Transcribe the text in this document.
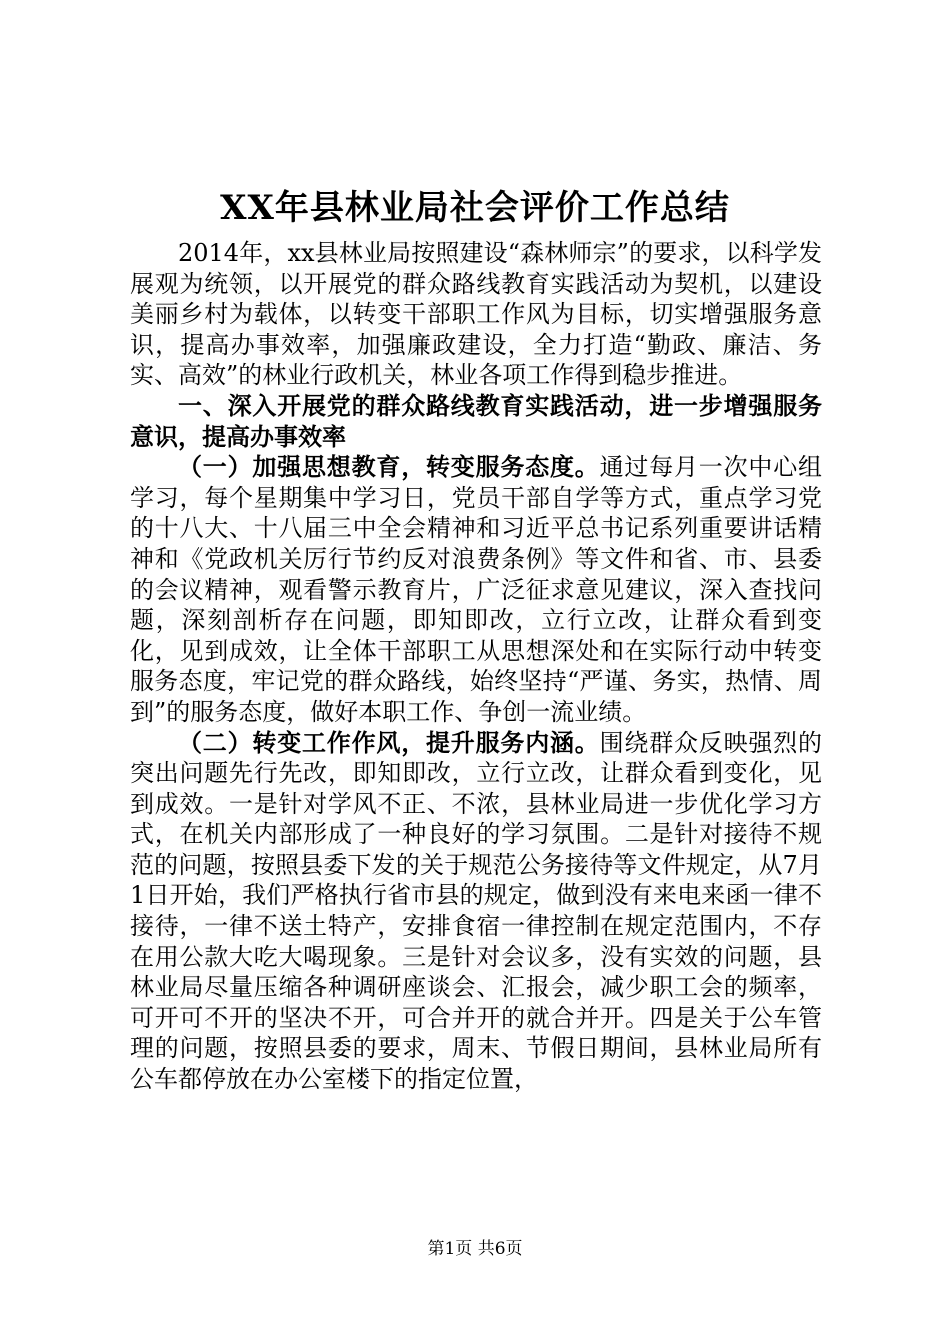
XX年县林业局社会评价工作总结

2014年，xx县林业局按照建设“森林师宗”的要求，以科学发展观为统领，以开展党的群众路线教育实践活动为契机，以建设美丽乡村为载体，以转变干部职工作风为目标，切实增强服务意识，提高办事效率，加强廉政建设，全力打造“勤政、廉洁、务实、高效”的林业行政机关，林业各项工作得到稳步推进。

一、深入开展党的群众路线教育实践活动，进一步增强服务意识，提高办事效率

（一）加强思想教育，转变服务态度。通过每月一次中心组学习，每个星期集中学习日，党员干部自学等方式，重点学习党的十八大、十八届三中全会精神和习近平总书记系列重要讲话精神和《党政机关厉行节约反对浪费条例》等文件和省、市、县委的会议精神，观看警示教育片，广泛征求意见建议，深入查找问题，深刻剖析存在问题，即知即改，立行立改，让群众看到变化，见到成效，让全体干部职工从思想深处和在实际行动中转变服务态度，牢记党的群众路线，始终坚持“严谨、务实，热情、周到”的服务态度，做好本职工作、争创一流业绩。

（二）转变工作作风，提升服务内涵。围绕群众反映强烈的突出问题先行先改，即知即改，立行立改，让群众看到变化，见到成效。一是针对学风不正、不浓，县林业局进一步优化学习方式，在机关内部形成了一种良好的学习氛围。二是针对接待不规范的问题，按照县委下发的关于规范公务接待等文件规定，从7月1日开始，我们严格执行省市县的规定，做到没有来电来函一律不接待，一律不送土特产，安排食宿一律控制在规定范围内，不存在用公款大吃大喝现象。三是针对会议多，没有实效的问题，县林业局尽量压缩各种调研座谈会、汇报会，减少职工会的频率，可开可不开的坚决不开，可合并开的就合并开。四是关于公车管理的问题，按照县委的要求，周末、节假日期间，县林业局所有公车都停放在办公室楼下的指定位置，

第1页 共6页
